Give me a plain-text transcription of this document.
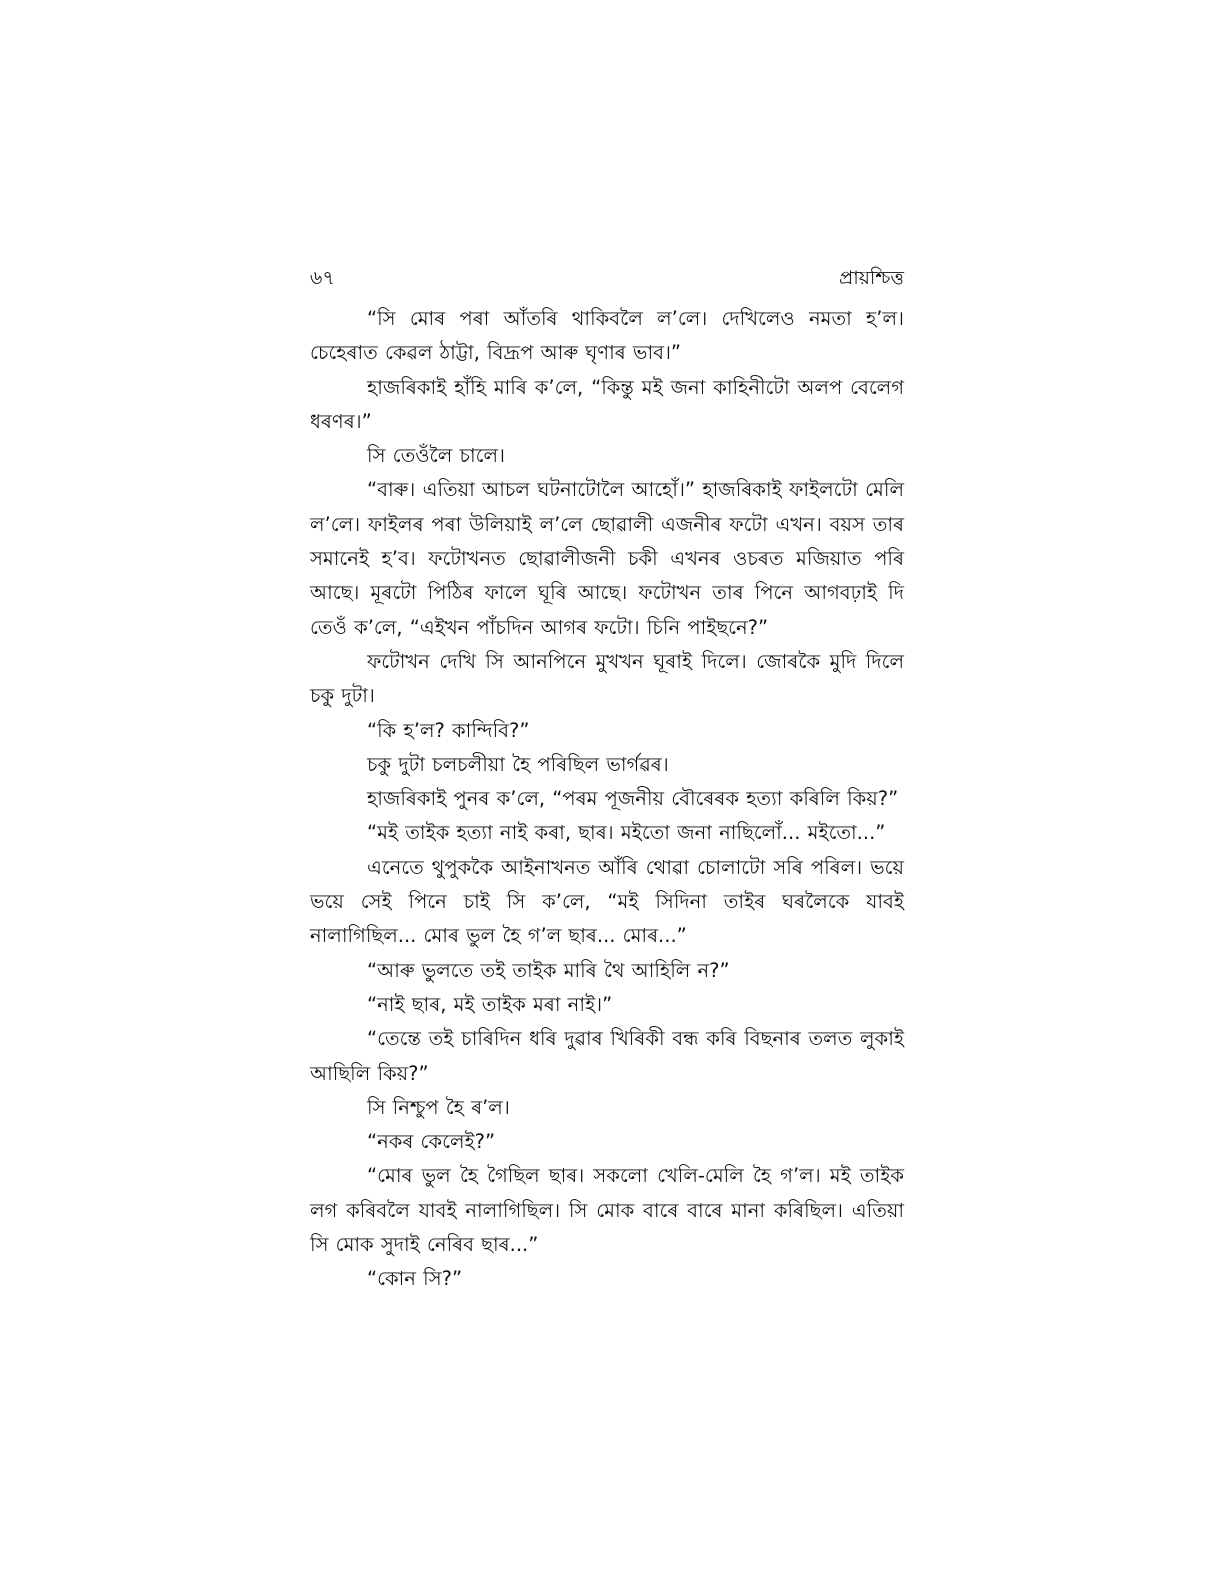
৬৭	প্ৰায়শ্চিত্ত

“সি মোৰ পৰা আঁতৰি থাকিবলৈ ল’লে। দেখিলেও নমতা হ’ল। চেহেৰাত কেৱল ঠাট্টা, বিদ্ৰূপ আৰু ঘৃণাৰ ভাব।”

হাজৰিকাই হাঁহি মাৰি ক’লে, “কিন্তু মই জনা কাহিনীটো অলপ বেলেগ ধৰণৰ।”

সি তেওঁলৈ চালে।

“বাৰু। এতিয়া আচল ঘটনাটোলৈ আহোঁ।” হাজৰিকাই ফাইলটো মেলি ল’লে। ফাইলৰ পৰা উলিয়াই ল’লে ছোৱালী এজনীৰ ফটো এখন। বয়স তাৰ সমানেই হ’ব। ফটোখনত ছোৱালীজনী চকী এখনৰ ওচৰত মজিয়াত পৰি আছে। মূৰটো পিঠিৰ ফালে ঘূৰি আছে। ফটোখন তাৰ পিনে আগবঢ়াই দি তেওঁ ক’লে, “এইখন পাঁচদিন আগৰ ফটো। চিনি পাইছনে?”

ফটোখন দেখি সি আনপিনে মুখখন ঘূৰাই দিলে। জোৰকৈ মুদি দিলে চকু দুটা।

“কি হ’ল? কান্দিবি?”

চকু দুটা চলচলীয়া হৈ পৰিছিল ভাৰ্গৱৰ।

হাজৰিকাই পুনৰ ক’লে, “পৰম পূজনীয় বৌৰেৰক হত্যা কৰিলি কিয়?”

“মই তাইক হত্যা নাই কৰা, ছাৰ। মইতো জনা নাছিলোঁ... মইতো...”

এনেতে থুপুককৈ আইনাখনত আঁৰি থোৱা চোলাটো সৰি পৰিল। ভয়ে ভয়ে সেই পিনে চাই সি ক’লে, “মই সিদিনা তাইৰ ঘৰলৈকে যাবই নালাগিছিল... মোৰ ভুল হৈ গ’ল ছাৰ... মোৰ...”

“আৰু ভুলতে তই তাইক মাৰি থৈ আহিলি ন?”

“নাই ছাৰ, মই তাইক মৰা নাই।”

“তেন্তে তই চাৰিদিন ধৰি দুৱাৰ খিৰিকী বন্ধ কৰি বিছনাৰ তলত লুকাই আছিলি কিয়?”

সি নিশ্চুপ হৈ ৰ’ল।

“নকৰ কেলেই?”

“মোৰ ভুল হৈ গৈছিল ছাৰ। সকলো খেলি-মেলি হৈ গ’ল। মই তাইক লগ কৰিবলৈ যাবই নালাগিছিল। সি মোক বাৰে বাৰে মানা কৰিছিল। এতিয়া সি মোক সুদাই নেৰিব ছাৰ...”

“কোন সি?”
